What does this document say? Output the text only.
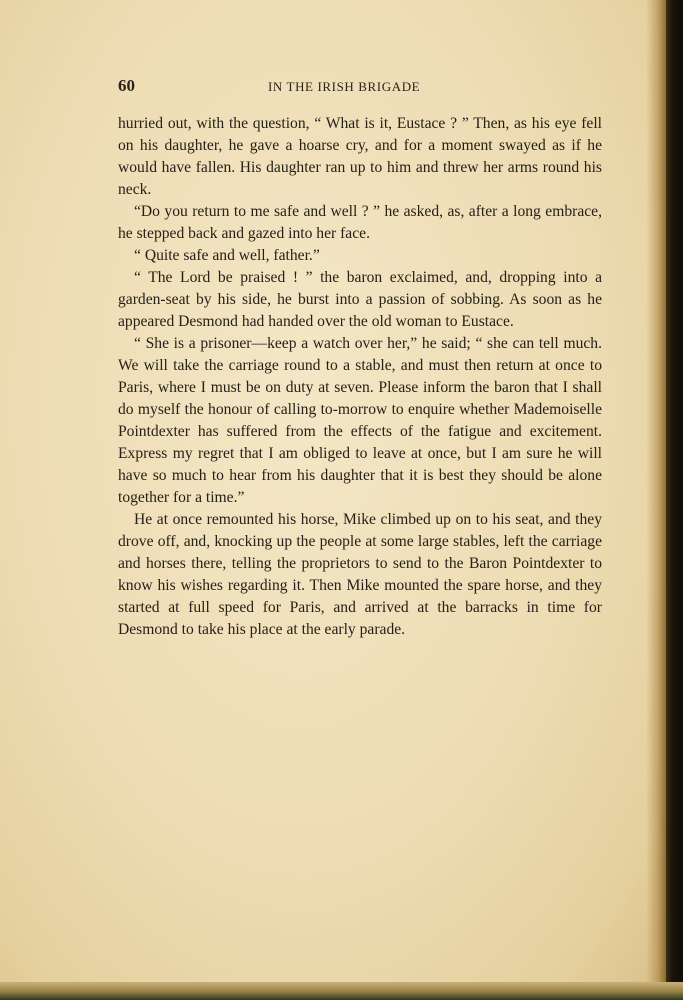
60	IN THE IRISH BRIGADE

hurried out, with the question, “ What is it, Eustace ? ” Then, as his eye fell on his daughter, he gave a hoarse cry, and for a moment swayed as if he would have fallen. His daughter ran up to him and threw her arms round his neck.

“Do you return to me safe and well ? ” he asked, as, after a long embrace, he stepped back and gazed into her face.

“ Quite safe and well, father.”

“ The Lord be praised ! ” the baron exclaimed, and, dropping into a garden-seat by his side, he burst into a passion of sobbing. As soon as he appeared Desmond had handed over the old woman to Eustace.

“ She is a prisoner—keep a watch over her,” he said; “ she can tell much. We will take the carriage round to a stable, and must then return at once to Paris, where I must be on duty at seven. Please inform the baron that I shall do myself the honour of calling to-morrow to enquire whether Mademoiselle Pointdexter has suffered from the effects of the fatigue and excitement. Express my regret that I am obliged to leave at once, but I am sure he will have so much to hear from his daughter that it is best they should be alone together for a time.”

He at once remounted his horse, Mike climbed up on to his seat, and they drove off, and, knocking up the people at some large stables, left the carriage and horses there, telling the proprietors to send to the Baron Pointdexter to know his wishes regarding it. Then Mike mounted the spare horse, and they started at full speed for Paris, and arrived at the barracks in time for Desmond to take his place at the early parade.
